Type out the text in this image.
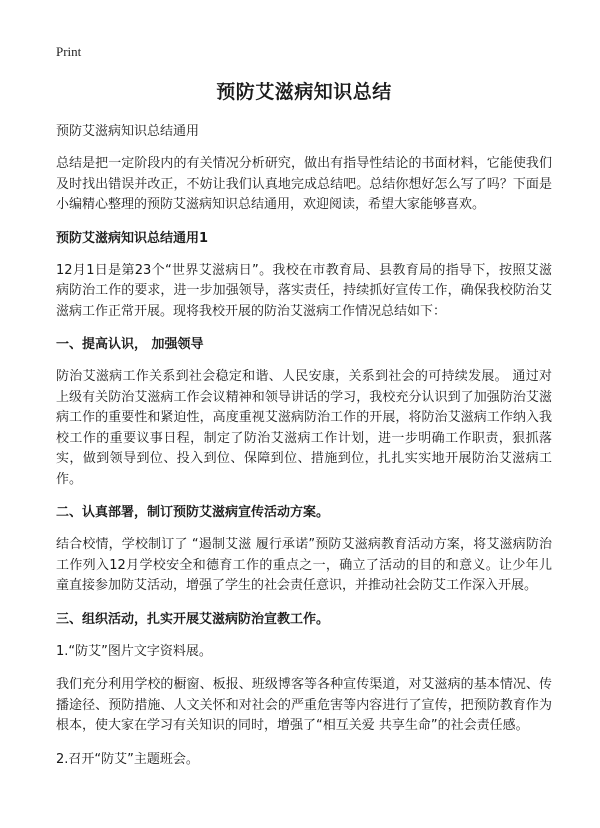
Print
预防艾滋病知识总结
预防艾滋病知识总结通用

总结是把一定阶段内的有关情况分析研究，做出有指导性结论的书面材料，它能使我们及时找出错误并改正，不妨让我们认真地完成总结吧。总结你想好怎么写了吗？下面是小编精心整理的预防艾滋病知识总结通用，欢迎阅读，希望大家能够喜欢。

预防艾滋病知识总结通用1

12月1日是第23个“世界艾滋病日”。我校在市教育局、县教育局的指导下，按照艾滋病防治工作的要求，进一步加强领导，落实责任，持续抓好宣传工作，确保我校防治艾滋病工作正常开展。现将我校开展的防治艾滋病工作情况总结如下：

一、提高认识， 加强领导

防治艾滋病工作关系到社会稳定和谐、人民安康，关系到社会的可持续发展。 通过对上级有关防治艾滋病工作会议精神和领导讲话的学习，我校充分认识到了加强防治艾滋病工作的重要性和紧迫性，高度重视艾滋病防治工作的开展，将防治艾滋病工作纳入我校工作的重要议事日程，制定了防治艾滋病工作计划，进一步明确工作职责，狠抓落实，做到领导到位、投入到位、保障到位、措施到位，扎扎实实地开展防治艾滋病工作。

二、认真部署，制订预防艾滋病宣传活动方案。

结合校情，学校制订了 “遏制艾滋 履行承诺”预防艾滋病教育活动方案，将艾滋病防治工作列入12月学校安全和德育工作的重点之一，确立了活动的目的和意义。让少年儿童直接参加防艾活动，增强了学生的社会责任意识，并推动社会防艾工作深入开展。

三、组织活动，扎实开展艾滋病防治宣教工作。

1.“防艾”图片文字资料展。

我们充分利用学校的橱窗、板报、班级博客等各种宣传渠道，对艾滋病的基本情况、传播途径、预防措施、人文关怀和对社会的严重危害等内容进行了宣传，把预防教育作为根本，使大家在学习有关知识的同时，增强了“相互关爱 共享生命”的社会责任感。

2.召开“防艾”主题班会。
